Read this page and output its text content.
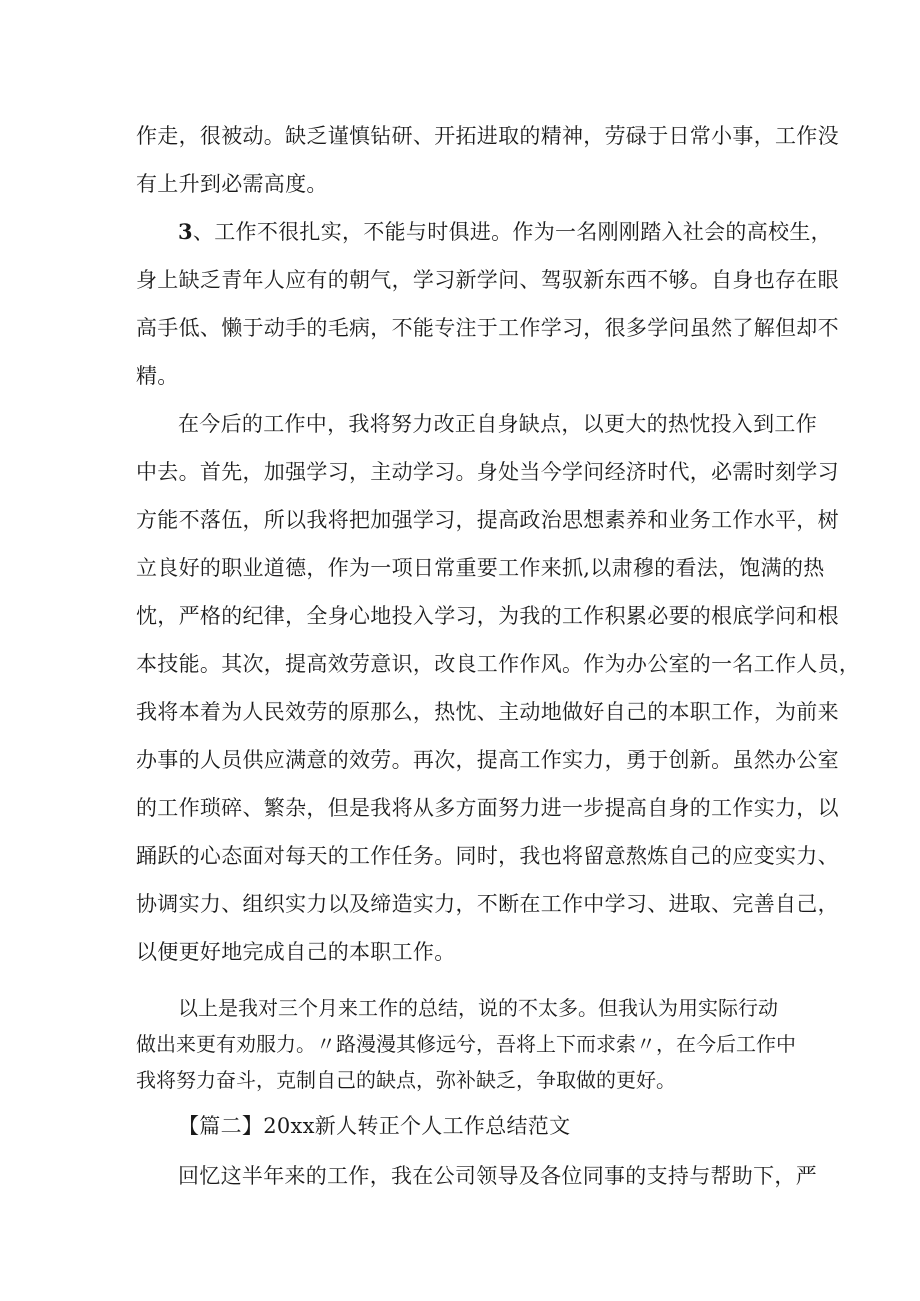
作走，很被动。缺乏谨慎钻研、开拓进取的精神，劳碌于日常小事，工作没
有上升到必需高度。
3、工作不很扎实，不能与时俱进。作为一名刚刚踏入社会的高校生，
身上缺乏青年人应有的朝气，学习新学问、驾驭新东西不够。自身也存在眼
高手低、懒于动手的毛病，不能专注于工作学习，很多学问虽然了解但却不
精。
在今后的工作中，我将努力改正自身缺点，以更大的热忱投入到工作
中去。首先，加强学习，主动学习。身处当今学问经济时代，必需时刻学习
方能不落伍，所以我将把加强学习，提高政治思想素养和业务工作水平，树
立良好的职业道德，作为一项日常重要工作来抓,以肃穆的看法，饱满的热
忱，严格的纪律，全身心地投入学习，为我的工作积累必要的根底学问和根
本技能。其次，提高效劳意识，改良工作作风。作为办公室的一名工作人员，
我将本着为人民效劳的原那么，热忱、主动地做好自己的本职工作，为前来
办事的人员供应满意的效劳。再次，提高工作实力，勇于创新。虽然办公室
的工作琐碎、繁杂，但是我将从多方面努力进一步提高自身的工作实力，以
踊跃的心态面对每天的工作任务。同时，我也将留意熬炼自己的应变实力、
协调实力、组织实力以及缔造实力，不断在工作中学习、进取、完善自己，
以便更好地完成自己的本职工作。
以上是我对三个月来工作的总结，说的不太多。但我认为用实际行动
做出来更有劝服力。〃路漫漫其修远兮，吾将上下而求索〃，在今后工作中
我将努力奋斗，克制自己的缺点，弥补缺乏，争取做的更好。
【篇二】20xx新人转正个人工作总结范文
回忆这半年来的工作，我在公司领导及各位同事的支持与帮助下，严
